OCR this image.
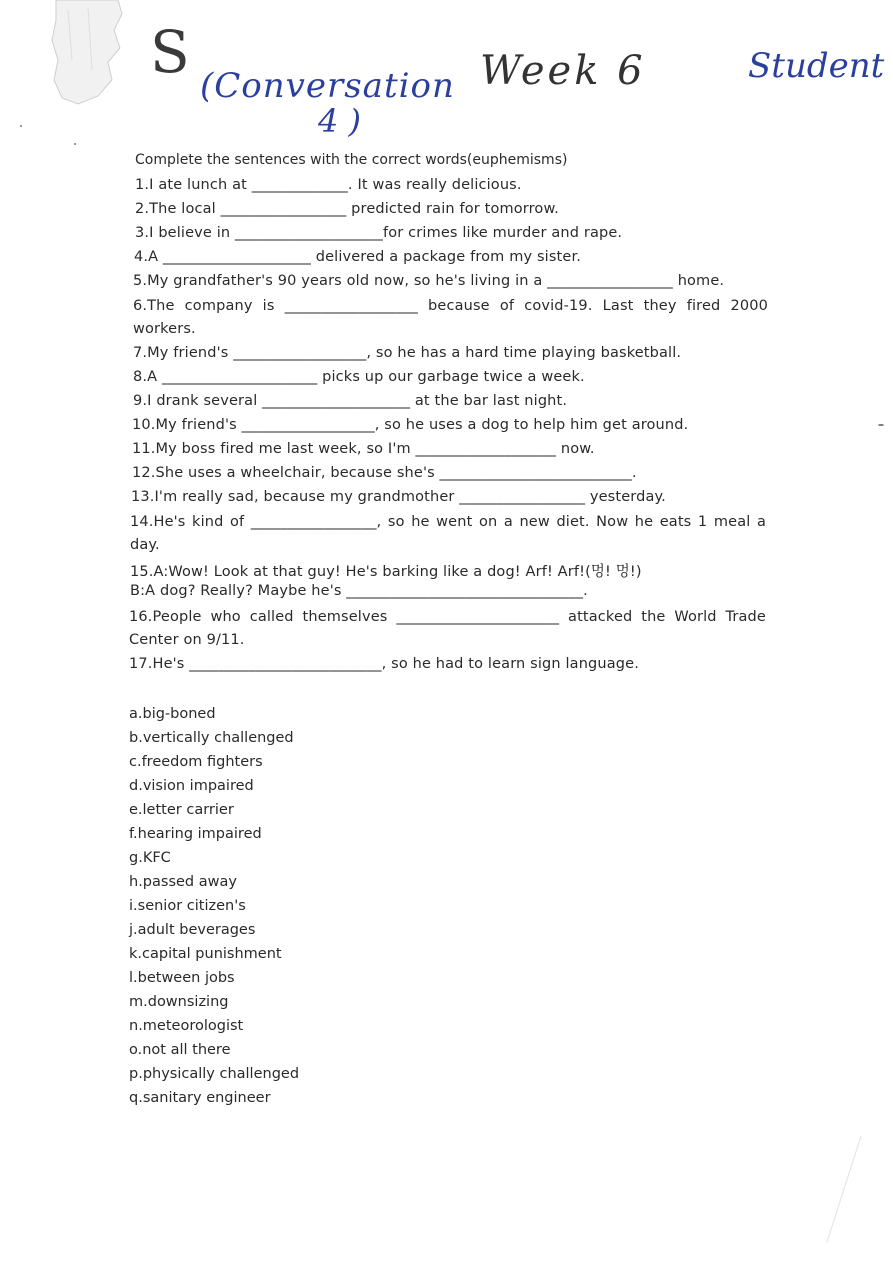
S (Conversation
4 )
Week 6	Student
Complete the sentences with the correct words(euphemisms)
1.I ate lunch at _____________. It was really delicious.
2.The local _________________ predicted rain for tomorrow.
3.I believe in ____________________for crimes like murder and rape.
4.A ____________________ delivered a package from my sister.
5.My grandfather's 90 years old now, so he's living in a _________________ home.
6.The company is __________________ because of covid-19. Last they fired 2000 workers.
7.My friend's __________________, so he has a hard time playing basketball.
8.A _____________________ picks up our garbage twice a week.
9.I drank several ____________________ at the bar last night.
10.My friend's __________________, so he uses a dog to help him get around.
11.My boss fired me last week, so I'm ___________________ now.
12.She uses a wheelchair, because she's __________________________.
13.I'm really sad, because my grandmother _________________ yesterday.
14.He's kind of _________________, so he went on a new diet. Now he eats 1 meal a day.
15.A:Wow! Look at that guy! He's barking like a dog! Arf! Arf!(멍! 멍!)
B:A dog? Really? Maybe he's ________________________________.
16.People who called themselves ______________________ attacked the World Trade Center on 9/11.
17.He's __________________________, so he had to learn sign language.
a.big-boned
b.vertically challenged
c.freedom fighters
d.vision impaired
e.letter carrier
f.hearing impaired
g.KFC
h.passed away
i.senior citizen's
j.adult beverages
k.capital punishment
l.between jobs
m.downsizing
n.meteorologist
o.not all there
p.physically challenged
q.sanitary engineer
